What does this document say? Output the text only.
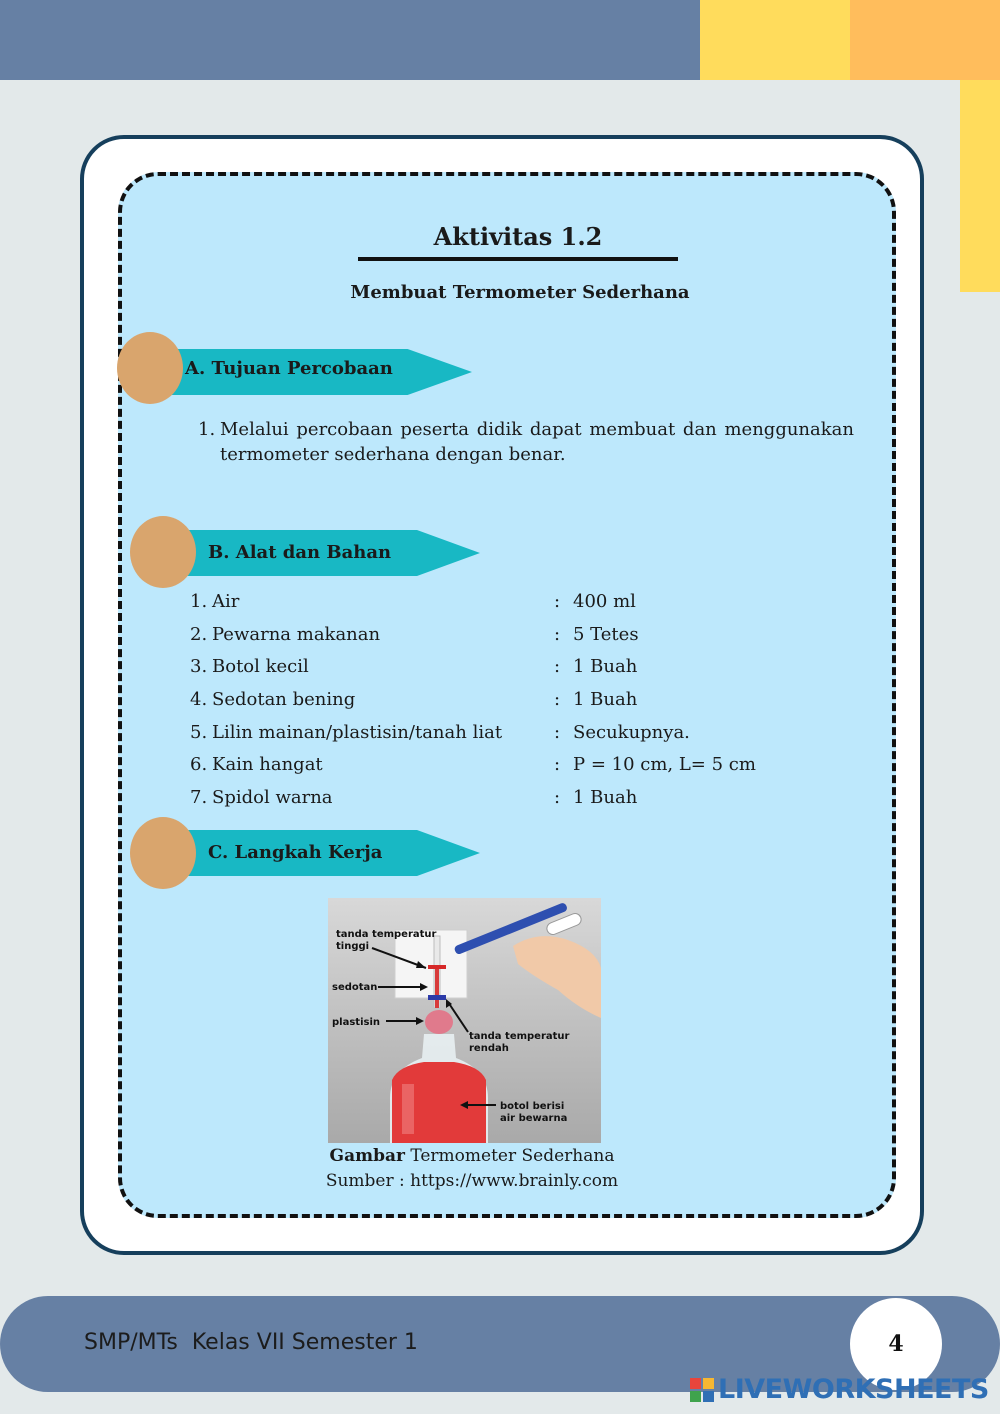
Aktivitas 1.2
Membuat Termometer Sederhana
A. Tujuan Percobaan
1. Melalui percobaan peserta didik dapat membuat dan menggunakan termometer sederhana dengan benar.
B. Alat dan Bahan
1. Air	: 400 ml
2. Pewarna makanan	: 5 Tetes
3. Botol kecil	: 1 Buah
4. Sedotan bening	: 1 Buah
5. Lilin mainan/plastisin/tanah liat	: Secukupnya.
6. Kain hangat	: P = 10 cm, L= 5 cm
7. Spidol warna	: 1 Buah
C. Langkah Kerja
tanda temperatur
tinggi
sedotan
plastisin
tanda temperatur
rendah
botol berisi
air bewarna
Gambar Termometer Sederhana
Sumber : https://www.brainly.com
SMP/MTs  Kelas VII Semester 1	4
LIVEWORKSHEETS
